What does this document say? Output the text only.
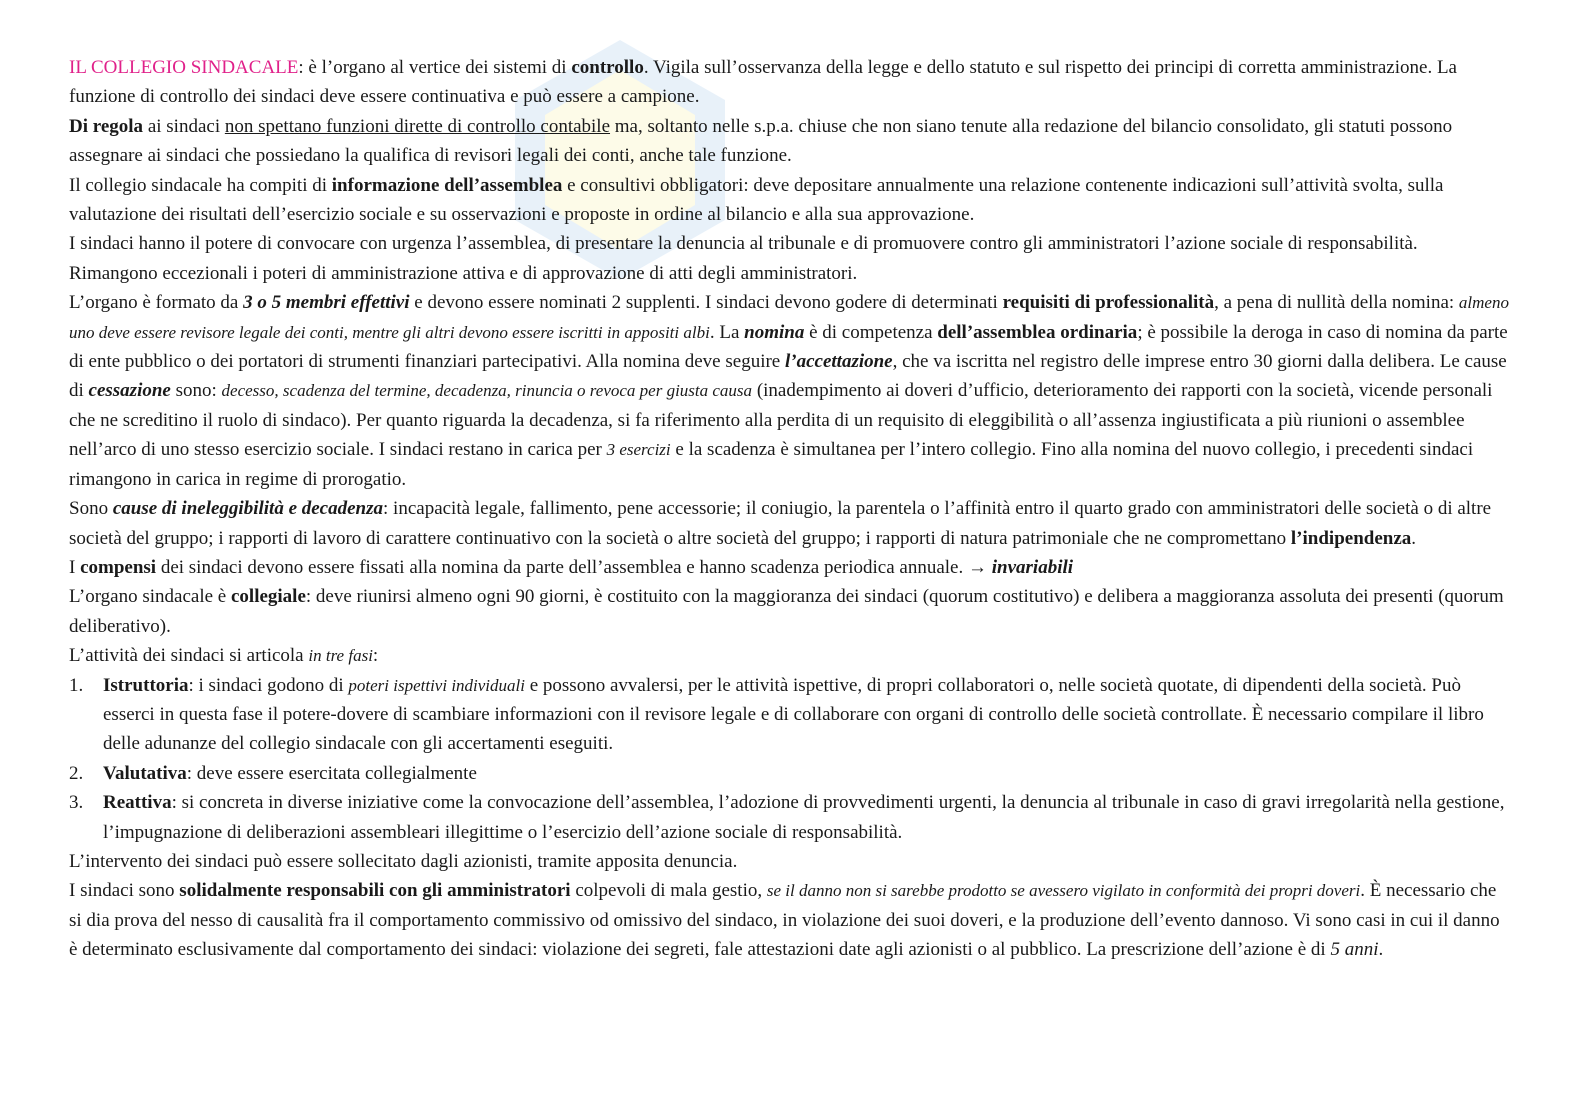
IL COLLEGIO SINDACALE: è l’organo al vertice dei sistemi di controllo. Vigila sull’osservanza della legge e dello statuto e sul rispetto dei principi di corretta amministrazione. La funzione di controllo dei sindaci deve essere continuativa e può essere a campione.

Di regola ai sindaci non spettano funzioni dirette di controllo contabile ma, soltanto nelle s.p.a. chiuse che non siano tenute alla redazione del bilancio consolidato, gli statuti possono assegnare ai sindaci che possiedano la qualifica di revisori legali dei conti, anche tale funzione.

Il collegio sindacale ha compiti di informazione dell’assemblea e consultivi obbligatori: deve depositare annualmente una relazione contenente indicazioni sull’attività svolta, sulla valutazione dei risultati dell’esercizio sociale e su osservazioni e proposte in ordine al bilancio e alla sua approvazione.

I sindaci hanno il potere di convocare con urgenza l’assemblea, di presentare la denuncia al tribunale e di promuovere contro gli amministratori l’azione sociale di responsabilità. Rimangono eccezionali i poteri di amministrazione attiva e di approvazione di atti degli amministratori.

L’organo è formato da 3 o 5 membri effettivi e devono essere nominati 2 supplenti. I sindaci devono godere di determinati requisiti di professionalità, a pena di nullità della nomina: almeno uno deve essere revisore legale dei conti, mentre gli altri devono essere iscritti in appositi albi. La nomina è di competenza dell’assemblea ordinaria; è possibile la deroga in caso di nomina da parte di ente pubblico o dei portatori di strumenti finanziari partecipativi. Alla nomina deve seguire l’accettazione, che va iscritta nel registro delle imprese entro 30 giorni dalla delibera. Le cause di cessazione sono: decesso, scadenza del termine, decadenza, rinuncia o revoca per giusta causa (inadempimento ai doveri d’ufficio, deterioramento dei rapporti con la società, vicende personali che ne screditino il ruolo di sindaco). Per quanto riguarda la decadenza, si fa riferimento alla perdita di un requisito di eleggibilità o all’assenza ingiustificata a più riunioni o assemblee nell’arco di uno stesso esercizio sociale. I sindaci restano in carica per 3 esercizi e la scadenza è simultanea per l’intero collegio. Fino alla nomina del nuovo collegio, i precedenti sindaci rimangono in carica in regime di prorogatio.

Sono cause di ineleggibilità e decadenza: incapacità legale, fallimento, pene accessorie; il coniugio, la parentela o l’affinità entro il quarto grado con amministratori delle società o di altre società del gruppo; i rapporti di lavoro di carattere continuativo con la società o altre società del gruppo; i rapporti di natura patrimoniale che ne compromettano l’indipendenza.

I compensi dei sindaci devono essere fissati alla nomina da parte dell’assemblea e hanno scadenza periodica annuale. → invariabili

L’organo sindacale è collegiale: deve riunirsi almeno ogni 90 giorni, è costituito con la maggioranza dei sindaci (quorum costitutivo) e delibera a maggioranza assoluta dei presenti (quorum deliberativo).

L’attività dei sindaci si articola in tre fasi:

1. Istruttoria: i sindaci godono di poteri ispettivi individuali e possono avvalersi, per le attività ispettive, di propri collaboratori o, nelle società quotate, di dipendenti della società. Può esserci in questa fase il potere-dovere di scambiare informazioni con il revisore legale e di collaborare con organi di controllo delle società controllate. È necessario compilare il libro delle adunanze del collegio sindacale con gli accertamenti eseguiti.
2. Valutativa: deve essere esercitata collegialmente
3. Reattiva: si concreta in diverse iniziative come la convocazione dell’assemblea, l’adozione di provvedimenti urgenti, la denuncia al tribunale in caso di gravi irregolarità nella gestione, l’impugnazione di deliberazioni assembleari illegittime o l’esercizio dell’azione sociale di responsabilità.

L’intervento dei sindaci può essere sollecitato dagli azionisti, tramite apposita denuncia.

I sindaci sono solidalmente responsabili con gli amministratori colpevoli di mala gestio, se il danno non si sarebbe prodotto se avessero vigilato in conformità dei propri doveri. È necessario che si dia prova del nesso di causalità fra il comportamento commissivo od omissivo del sindaco, in violazione dei suoi doveri, e la produzione dell’evento dannoso. Vi sono casi in cui il danno è determinato esclusivamente dal comportamento dei sindaci: violazione dei segreti, fale attestazioni date agli azionisti o al pubblico. La prescrizione dell’azione è di 5 anni.
